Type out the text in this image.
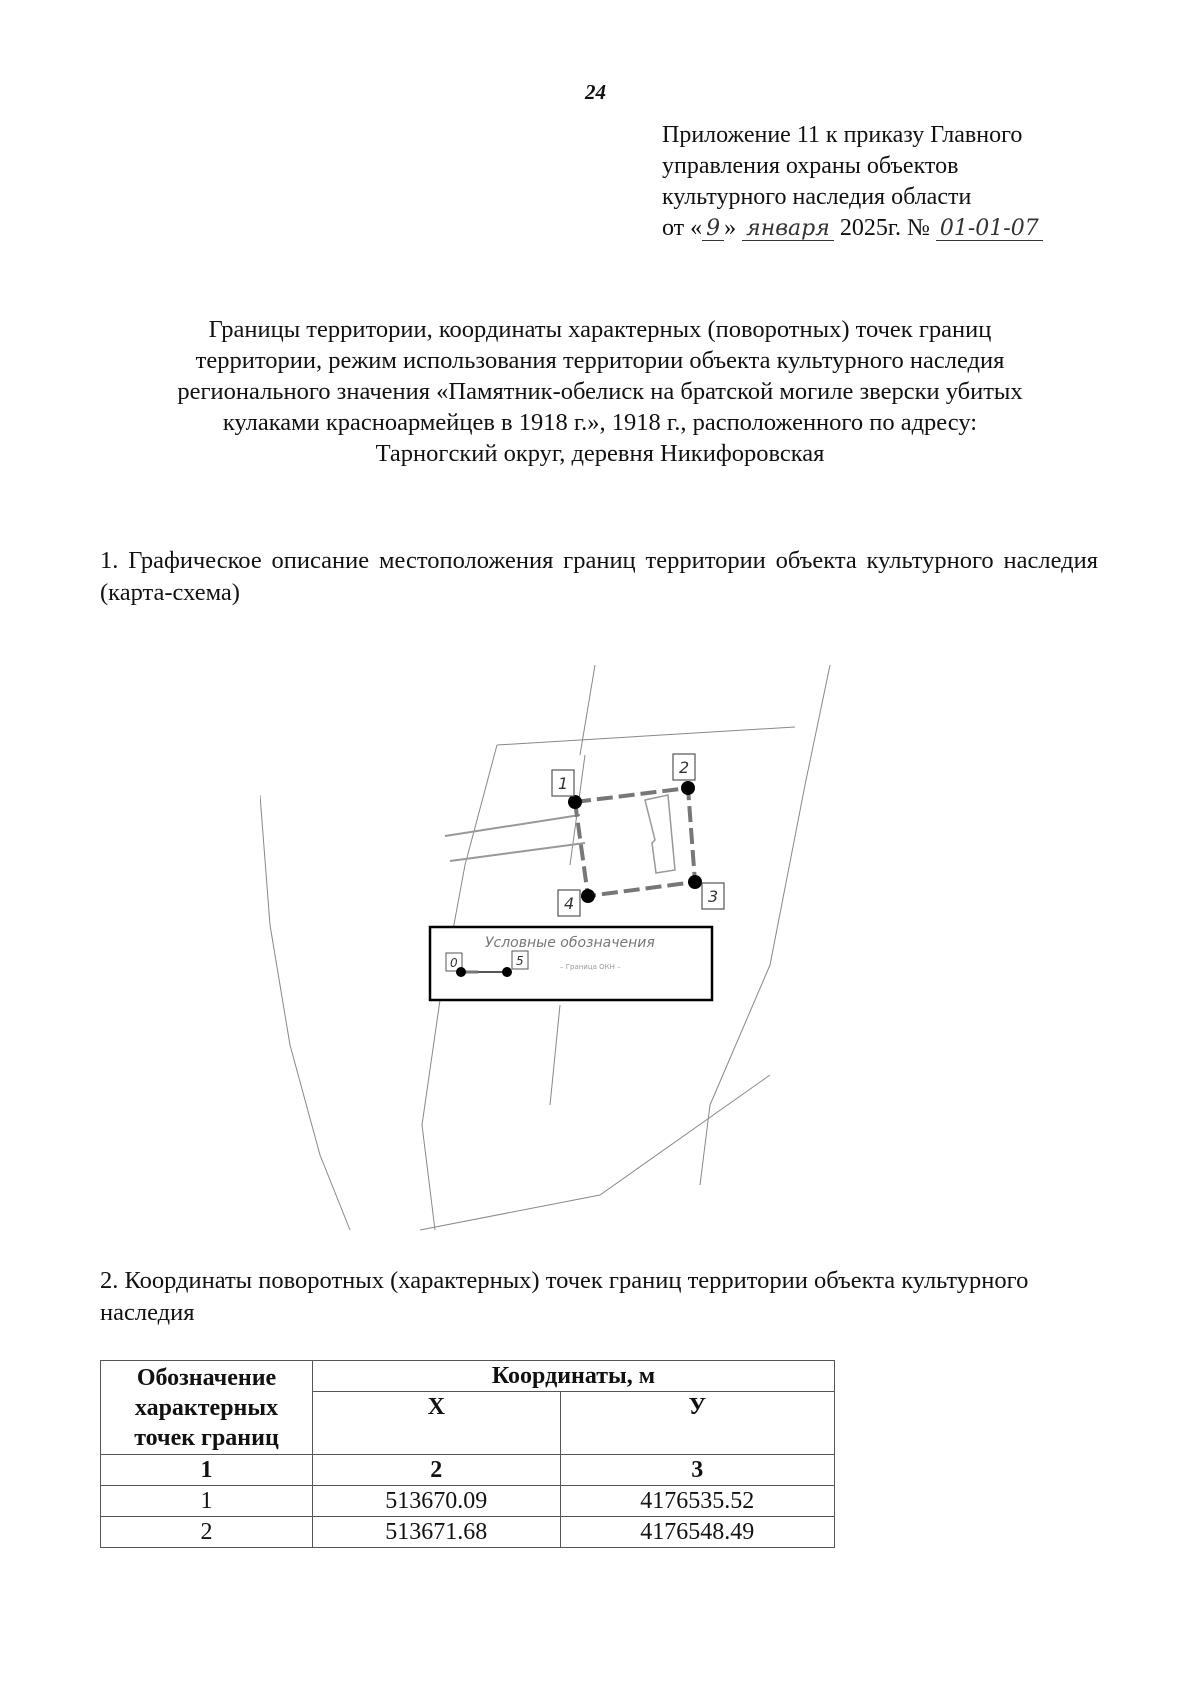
24
Приложение 11 к приказу Главного
управления охраны объектов
культурного наследия области
от « 9 » января 2025г. № 01-01-07
Границы территории, координаты характерных (поворотных) точек границ
территории, режим использования территории объекта культурного наследия
регионального значения «Памятник-обелиск на братской могиле зверски убитых
кулаками красноармейцев в 1918 г.», 1918 г., расположенного по адресу:
Тарногский округ, деревня Никифоровская
1. Графическое описание местоположения границ территории объекта культурного наследия (карта-схема)
1
2
3
4
Условные обозначения
0	5	– Граница ОКН –
2. Координаты поворотных (характерных) точек границ территории объекта культурного наследия
Обозначение характерных точек границ	Координаты, м	
	X	У
1	2	3
1	513670.09	4176535.52
2	513671.68	4176548.49
